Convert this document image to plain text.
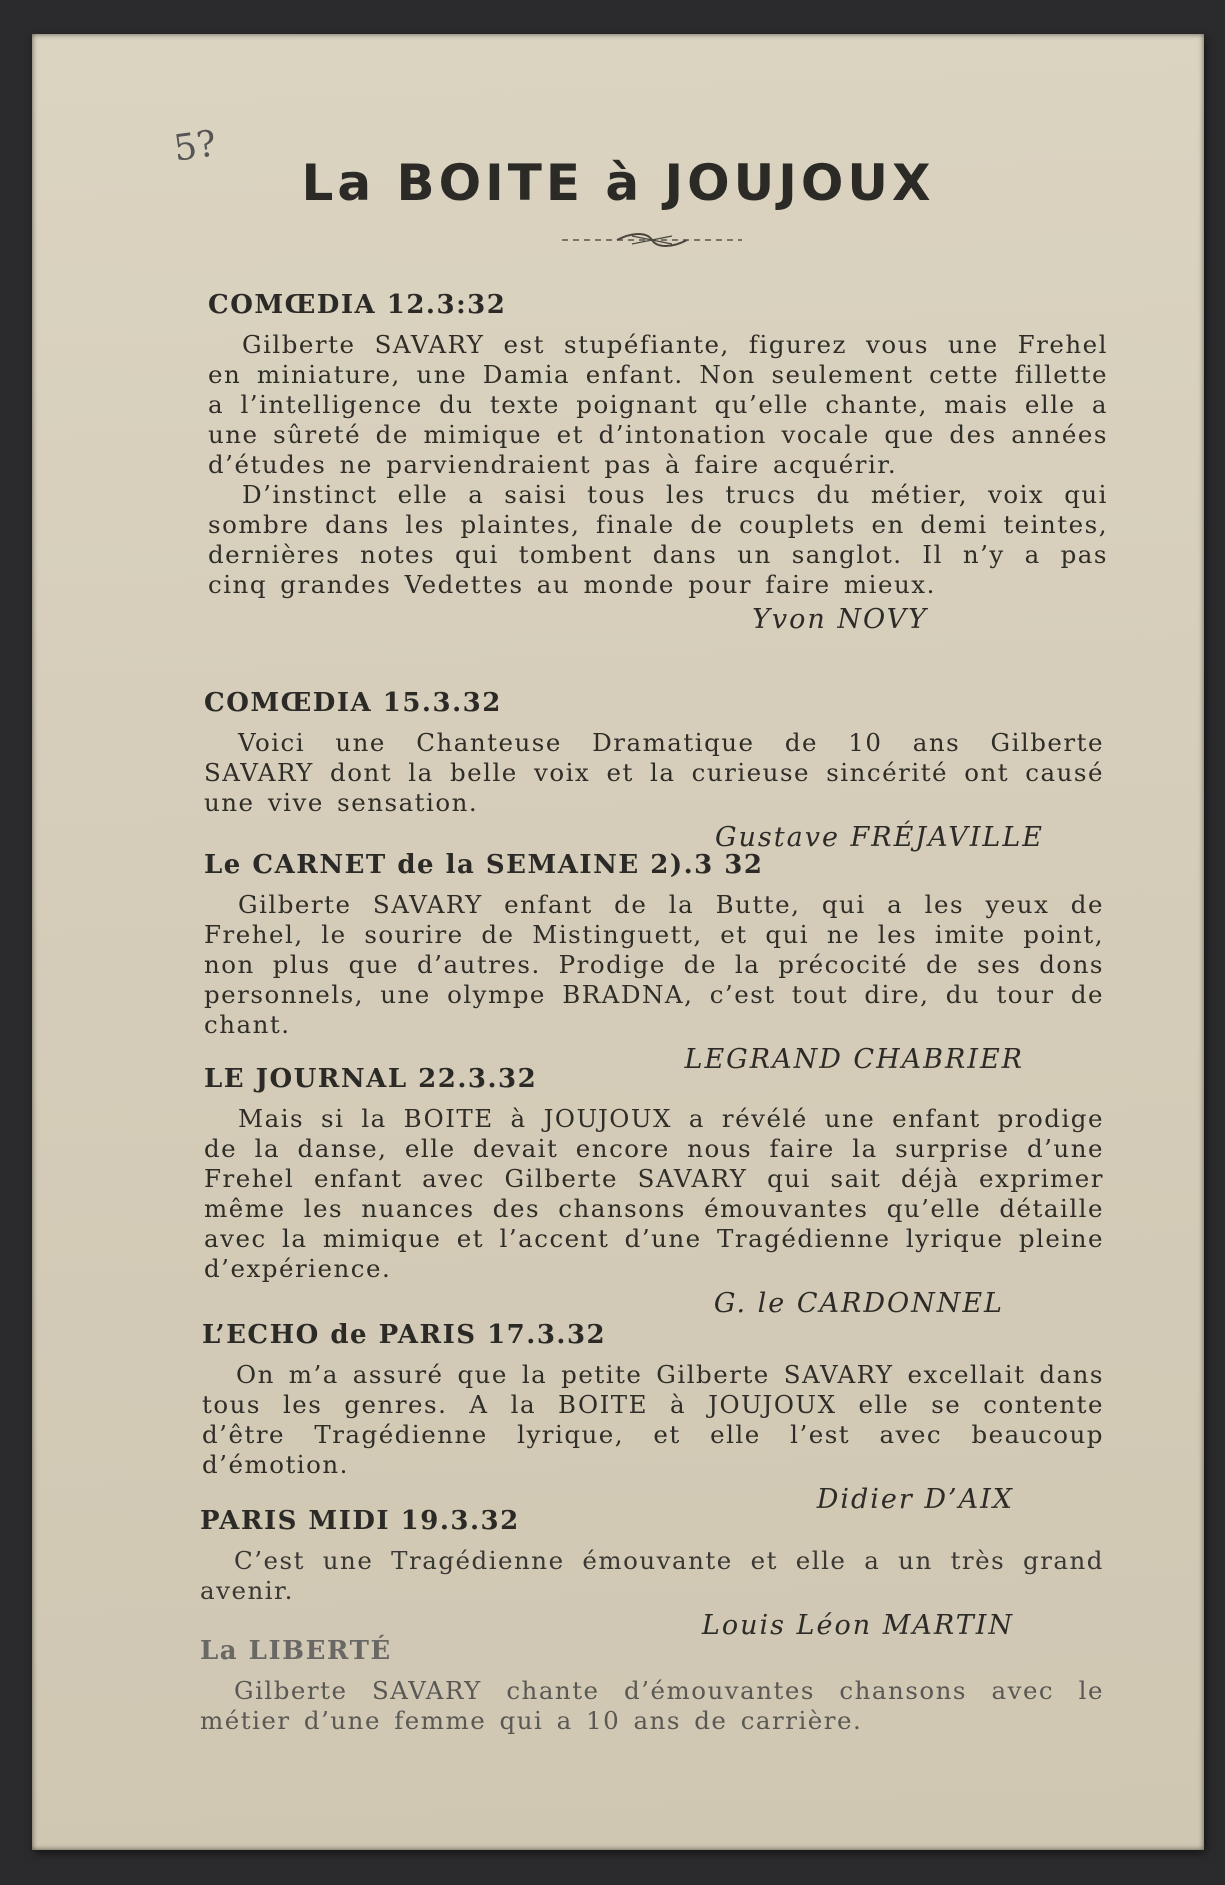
5?
La BOITE à JOUJOUX
COMŒDIA 12.3:32

Gilberte SAVARY est stupéfiante, figurez vous une Frehel en miniature, une Damia enfant. Non seulement cette fillette a l’intelligence du texte poignant qu’elle chante, mais elle a une sûreté de mimique et d’intonation vocale que des années d’études ne parviendraient pas à faire acquérir.

D’instinct elle a saisi tous les trucs du métier, voix qui sombre dans les plaintes, finale de couplets en demi teintes, dernières notes qui tombent dans un sanglot. Il n’y a pas cinq grandes Vedettes au monde pour faire mieux.

Yvon NOVY
COMŒDIA 15.3.32

Voici une Chanteuse Dramatique de 10 ans Gilberte SAVARY dont la belle voix et la curieuse sincérité ont causé une vive sensation.

Gustave FRÉJAVILLE
Le CARNET de la SEMAINE 2).3 32

Gilberte SAVARY enfant de la Butte, qui a les yeux de Frehel, le sourire de Mistinguett, et qui ne les imite point, non plus que d’autres. Prodige de la précocité de ses dons personnels, une olympe BRADNA, c’est tout dire, du tour de chant.

LEGRAND CHABRIER
LE JOURNAL 22.3.32

Mais si la BOITE à JOUJOUX a révélé une enfant prodige de la danse, elle devait encore nous faire la surprise d’une Frehel enfant avec Gilberte SAVARY qui sait déjà exprimer même les nuances des chansons émouvantes qu’elle détaille avec la mimique et l’accent d’une Tragédienne lyrique pleine d’expérience.

G. le CARDONNEL
L’ECHO de PARIS 17.3.32

On m’a assuré que la petite Gilberte SAVARY excellait dans tous les genres. A la BOITE à JOUJOUX elle se contente d’être Tragédienne lyrique, et elle l’est avec beaucoup d’émotion.

Didier D’AIX
PARIS MIDI 19.3.32

C’est une Tragédienne émouvante et elle a un très grand avenir.

Louis Léon MARTIN
La LIBERTÉ

Gilberte SAVARY chante d’émouvantes chansons avec le métier d’une femme qui a 10 ans de carrière.
